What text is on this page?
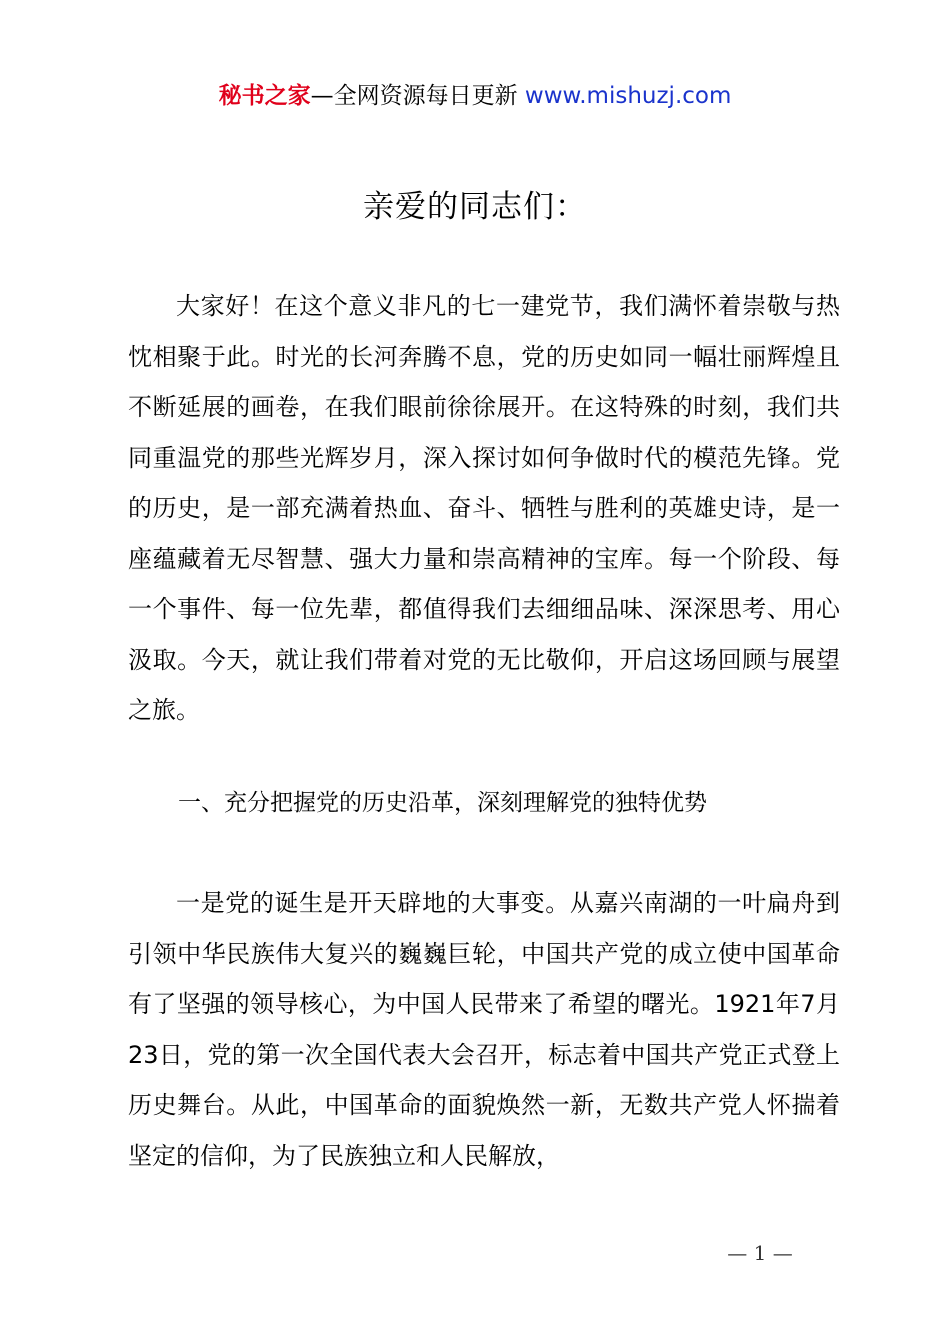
秘书之家—全网资源每日更新 www.mishuzj.com
亲爱的同志们：

大家好！在这个意义非凡的七一建党节，我们满怀着崇敬与热忱相聚于此。时光的长河奔腾不息，党的历史如同一幅壮丽辉煌且不断延展的画卷，在我们眼前徐徐展开。在这特殊的时刻，我们共同重温党的那些光辉岁月，深入探讨如何争做时代的模范先锋。党的历史，是一部充满着热血、奋斗、牺牲与胜利的英雄史诗，是一座蕴藏着无尽智慧、强大力量和崇高精神的宝库。每一个阶段、每一个事件、每一位先辈，都值得我们去细细品味、深深思考、用心汲取。今天，就让我们带着对党的无比敬仰，开启这场回顾与展望之旅。

一、充分把握党的历史沿革，深刻理解党的独特优势

一是党的诞生是开天辟地的大事变。从嘉兴南湖的一叶扁舟到引领中华民族伟大复兴的巍巍巨轮，中国共产党的成立使中国革命有了坚强的领导核心，为中国人民带来了希望的曙光。1921年7月23日，党的第一次全国代表大会召开，标志着中国共产党正式登上历史舞台。从此，中国革命的面貌焕然一新，无数共产党人怀揣着坚定的信仰，为了民族独立和人民解放，

— 1 —
